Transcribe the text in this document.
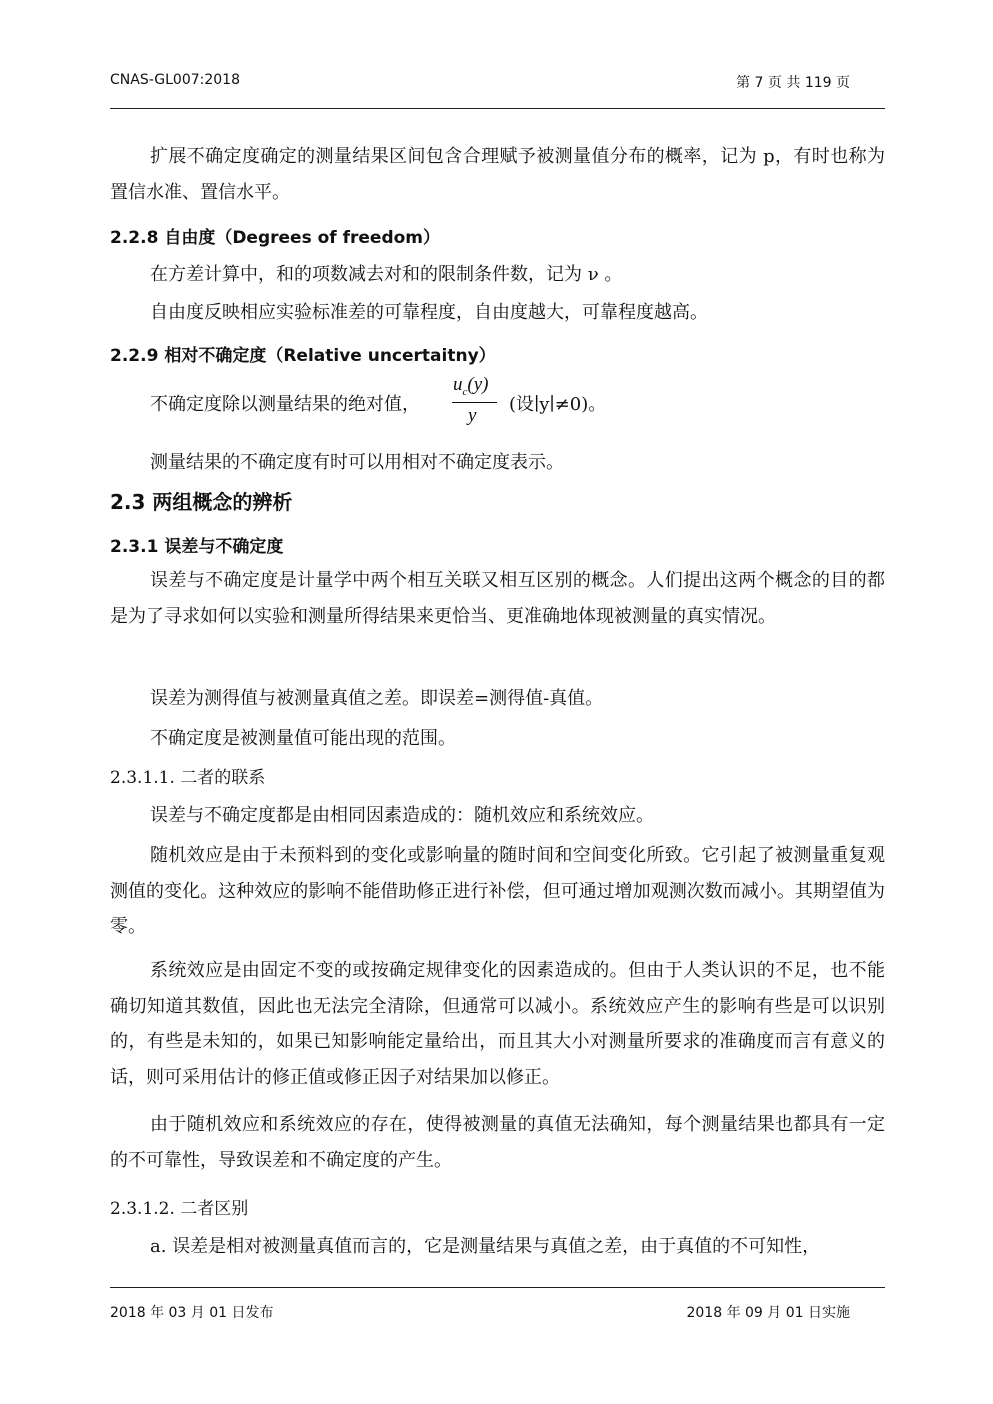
CNAS-GL007:2018	第 7 页 共 119 页
扩展不确定度确定的测量结果区间包含合理赋予被测量值分布的概率，记为 p，有时也称为置信水准、置信水平。
2.2.8 自由度（Degrees of freedom）
在方差计算中，和的项数减去对和的限制条件数，记为 ν 。
自由度反映相应实验标准差的可靠程度，自由度越大，可靠程度越高。
2.2.9 相对不确定度（Relative uncertaitny）
不确定度除以测量结果的绝对值，
$u_c(y)$
y
(设∣y∣≠0)。
测量结果的不确定度有时可以用相对不确定度表示。
2.3 两组概念的辨析
2.3.1 误差与不确定度
误差与不确定度是计量学中两个相互关联又相互区别的概念。人们提出这两个概念的目的都是为了寻求如何以实验和测量所得结果来更恰当、更准确地体现被测量的真实情况。
误差为测得值与被测量真值之差。即误差=测得值-真值。
不确定度是被测量值可能出现的范围。
2.3.1.1. 二者的联系
误差与不确定度都是由相同因素造成的：随机效应和系统效应。
随机效应是由于未预料到的变化或影响量的随时间和空间变化所致。它引起了被测量重复观测值的变化。这种效应的影响不能借助修正进行补偿，但可通过增加观测次数而减小。其期望值为零。
系统效应是由固定不变的或按确定规律变化的因素造成的。但由于人类认识的不足，也不能确切知道其数值，因此也无法完全清除，但通常可以减小。系统效应产生的影响有些是可以识别的，有些是未知的，如果已知影响能定量给出，而且其大小对测量所要求的准确度而言有意义的话，则可采用估计的修正值或修正因子对结果加以修正。
由于随机效应和系统效应的存在，使得被测量的真值无法确知，每个测量结果也都具有一定的不可靠性，导致误差和不确定度的产生。
2.3.1.2. 二者区别
a. 误差是相对被测量真值而言的，它是测量结果与真值之差，由于真值的不可知性，
2018 年 03 月 01 日发布	2018 年 09 月 01 日实施
